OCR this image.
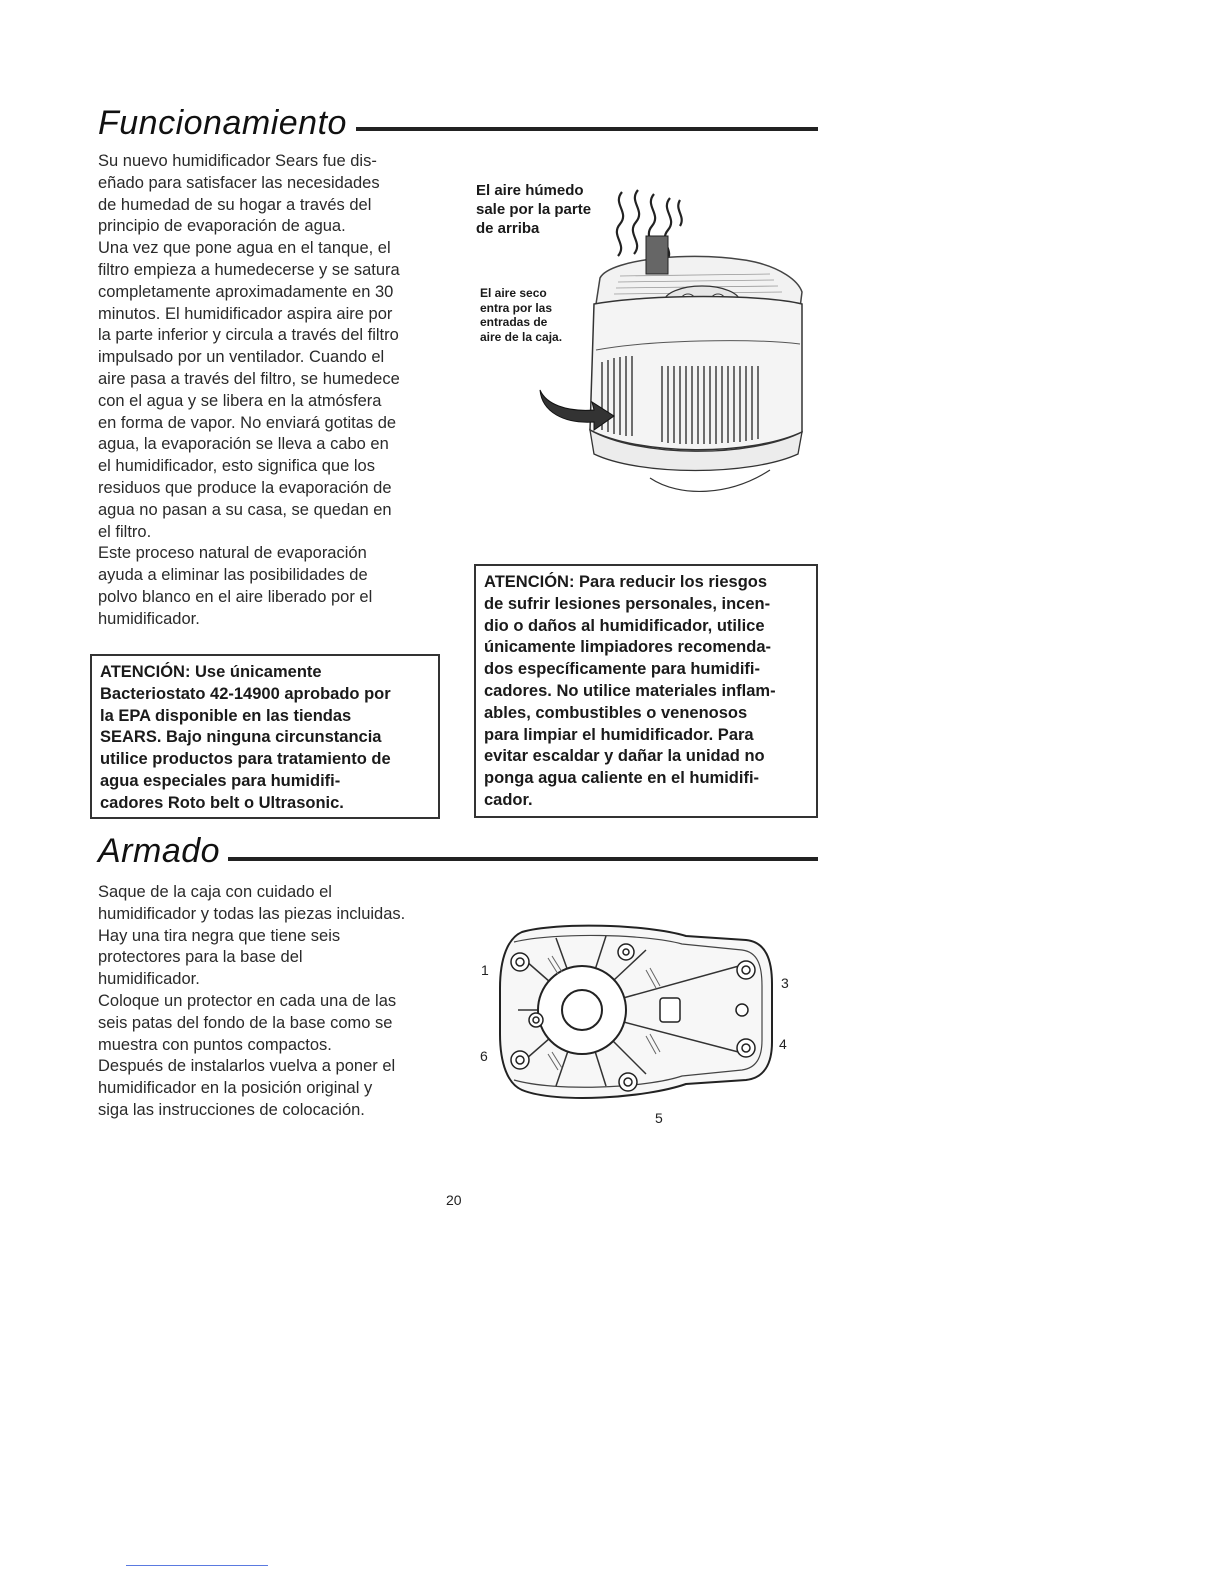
Funcionamiento
Su nuevo humidificador Sears fue dis-
eñado para satisfacer las necesidades
de humedad de su hogar a través del
principio de evaporación de agua.
Una vez que pone agua en el tanque, el
filtro empieza a humedecerse y se satura
completamente aproximadamente en 30
minutos. El humidificador aspira aire por
la parte inferior y circula a través del filtro
impulsado por un ventilador. Cuando el
aire pasa a través del filtro, se humedece
con el agua y se libera en la atmósfera
en forma de vapor. No enviará gotitas de
agua, la evaporación se lleva a cabo en
el humidificador, esto significa que los
residuos que produce la evaporación de
agua no pasan a su casa, se quedan en
el filtro.
Este proceso natural de evaporación
ayuda a eliminar las posibilidades de
polvo blanco en el aire liberado por el
humidificador.
ATENCIÓN: Use únicamente
Bacteriostato 42-14900 aprobado por
la EPA disponible en las tiendas
SEARS. Bajo ninguna circunstancia
utilice productos para tratamiento de
agua especiales para humidifi-
cadores Roto belt o Ultrasonic.
El aire húmedo
sale por la parte
de arriba
El aire seco
entra por las
entradas de
aire de la caja.
ATENCIÓN: Para reducir los riesgos
de sufrir lesiones personales, incen-
dio o daños al humidificador, utilice
únicamente limpiadores recomenda-
dos específicamente para humidifi-
cadores. No utilice materiales inflam-
ables, combustibles o venenosos
para limpiar el humidificador. Para
evitar escaldar y dañar la unidad no
ponga agua caliente en el humidifi-
cador.
Armado
Saque de la caja con cuidado el
humidificador y todas las piezas incluidas.
Hay una tira negra que tiene seis
protectores para la base del
humidificador.
Coloque un protector en cada una de las
seis patas del fondo de la base como se
muestra con puntos compactos.
Después de instalarlos vuelva a poner el
humidificador en la posición original y
siga las instrucciones de colocación.
1
3
4
5
6
20
